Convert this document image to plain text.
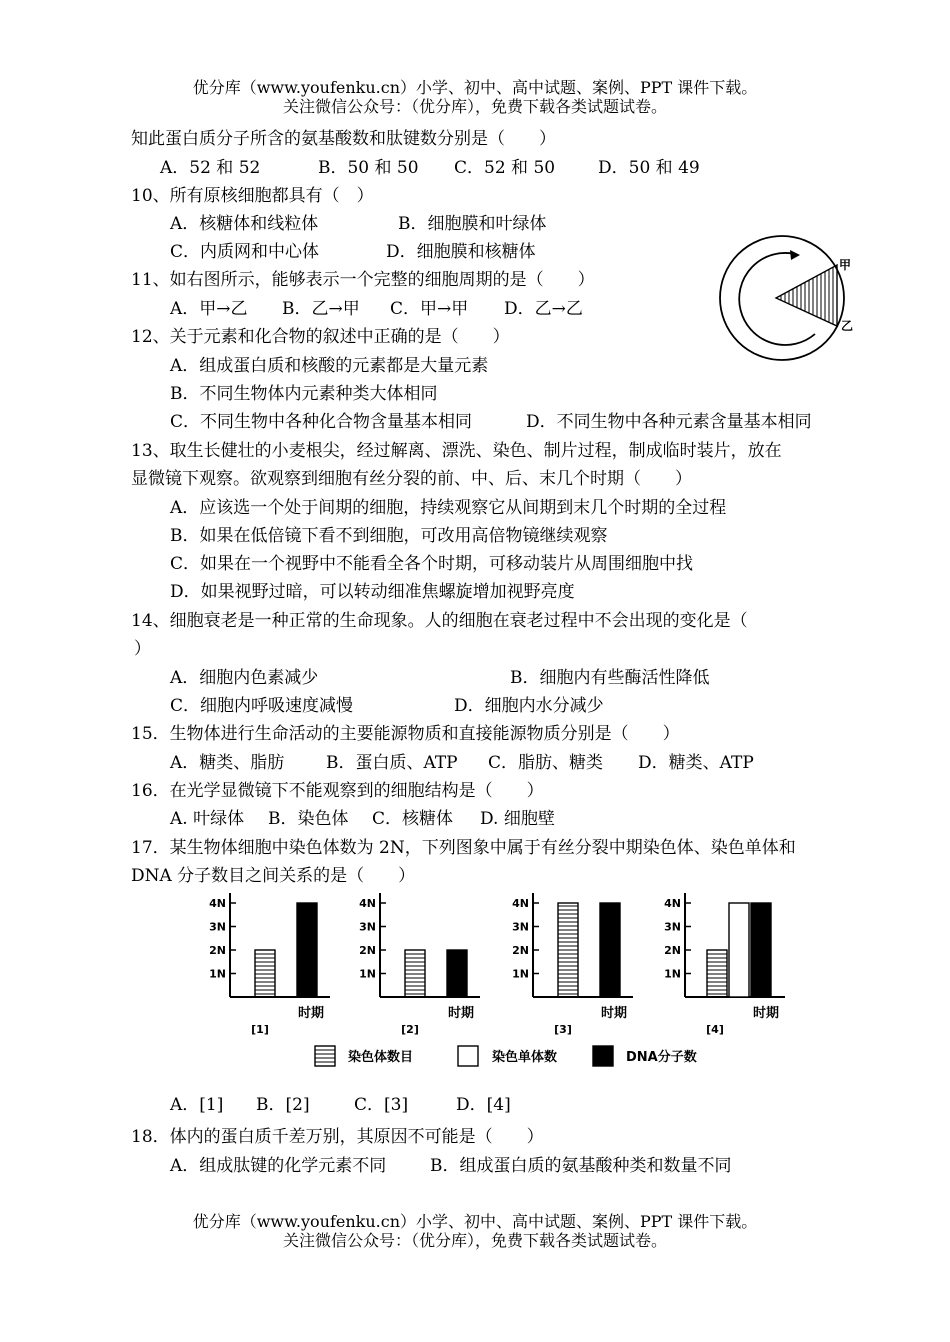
优分库（www.youfenku.cn）小学、初中、高中试题、案例、PPT 课件下载。
关注微信公众号：（优分库），免费下载各类试题试卷。
知此蛋白质分子所含的氨基酸数和肽键数分别是（　　）
A．52 和 52	B．50 和 50 C．52 和 50	D．50 和 49
10、所有原核细胞都具有（　）
A．核糖体和线粒体	B．细胞膜和叶绿体
C．内质网和中心体	D．细胞膜和核糖体
11、如右图所示，能够表示一个完整的细胞周期的是（　　）
A．甲→乙 B．乙→甲 C．甲→甲 D．乙→乙
甲
乙
12、关于元素和化合物的叙述中正确的是（　　）
A．组成蛋白质和核酸的元素都是大量元素
B．不同生物体内元素种类大体相同
C．不同生物中各种化合物含量基本相同	D．不同生物中各种元素含量基本相同
13、取生长健壮的小麦根尖，经过解离、漂洗、染色、制片过程，制成临时装片，放在
显微镜下观察。欲观察到细胞有丝分裂的前、中、后、末几个时期（　　）
A．应该选一个处于间期的细胞，持续观察它从间期到末几个时期的全过程
B．如果在低倍镜下看不到细胞，可改用高倍物镜继续观察
C．如果在一个视野中不能看全各个时期，可移动装片从周围细胞中找
D．如果视野过暗，可以转动细准焦螺旋增加视野亮度
14、细胞衰老是一种正常的生命现象。人的细胞在衰老过程中不会出现的变化是（
）
A．细胞内色素减少	B．细胞内有些酶活性降低
C．细胞内呼吸速度减慢	D．细胞内水分减少
15．生物体进行生命活动的主要能源物质和直接能源物质分别是（　　）
A．糖类、脂肪 B．蛋白质、ATP C．脂肪、糖类 D．糖类、ATP
16．在光学显微镜下不能观察到的细胞结构是（　　）
A. 叶绿体 B．染色体 C．核糖体 D. 细胞壁
17．某生物体细胞中染色体数为 2N，下列图象中属于有丝分裂中期染色体、染色单体和
DNA 分子数目之间关系的是（　　）
1N
2N
3N
4N
时期
[1]
1N
2N
3N
4N
时期
[2]
1N
2N
3N
4N
时期
[3]
1N
2N
3N
4N
时期
[4]
染色体数目	染色单体数	DNA分子数
A．[1] B．[2]	C．[3]	D．[4]
18．体内的蛋白质千差万别，其原因不可能是（　　）
A．组成肽键的化学元素不同	B．组成蛋白质的氨基酸种类和数量不同
优分库（www.youfenku.cn）小学、初中、高中试题、案例、PPT 课件下载。
关注微信公众号：（优分库），免费下载各类试题试卷。
